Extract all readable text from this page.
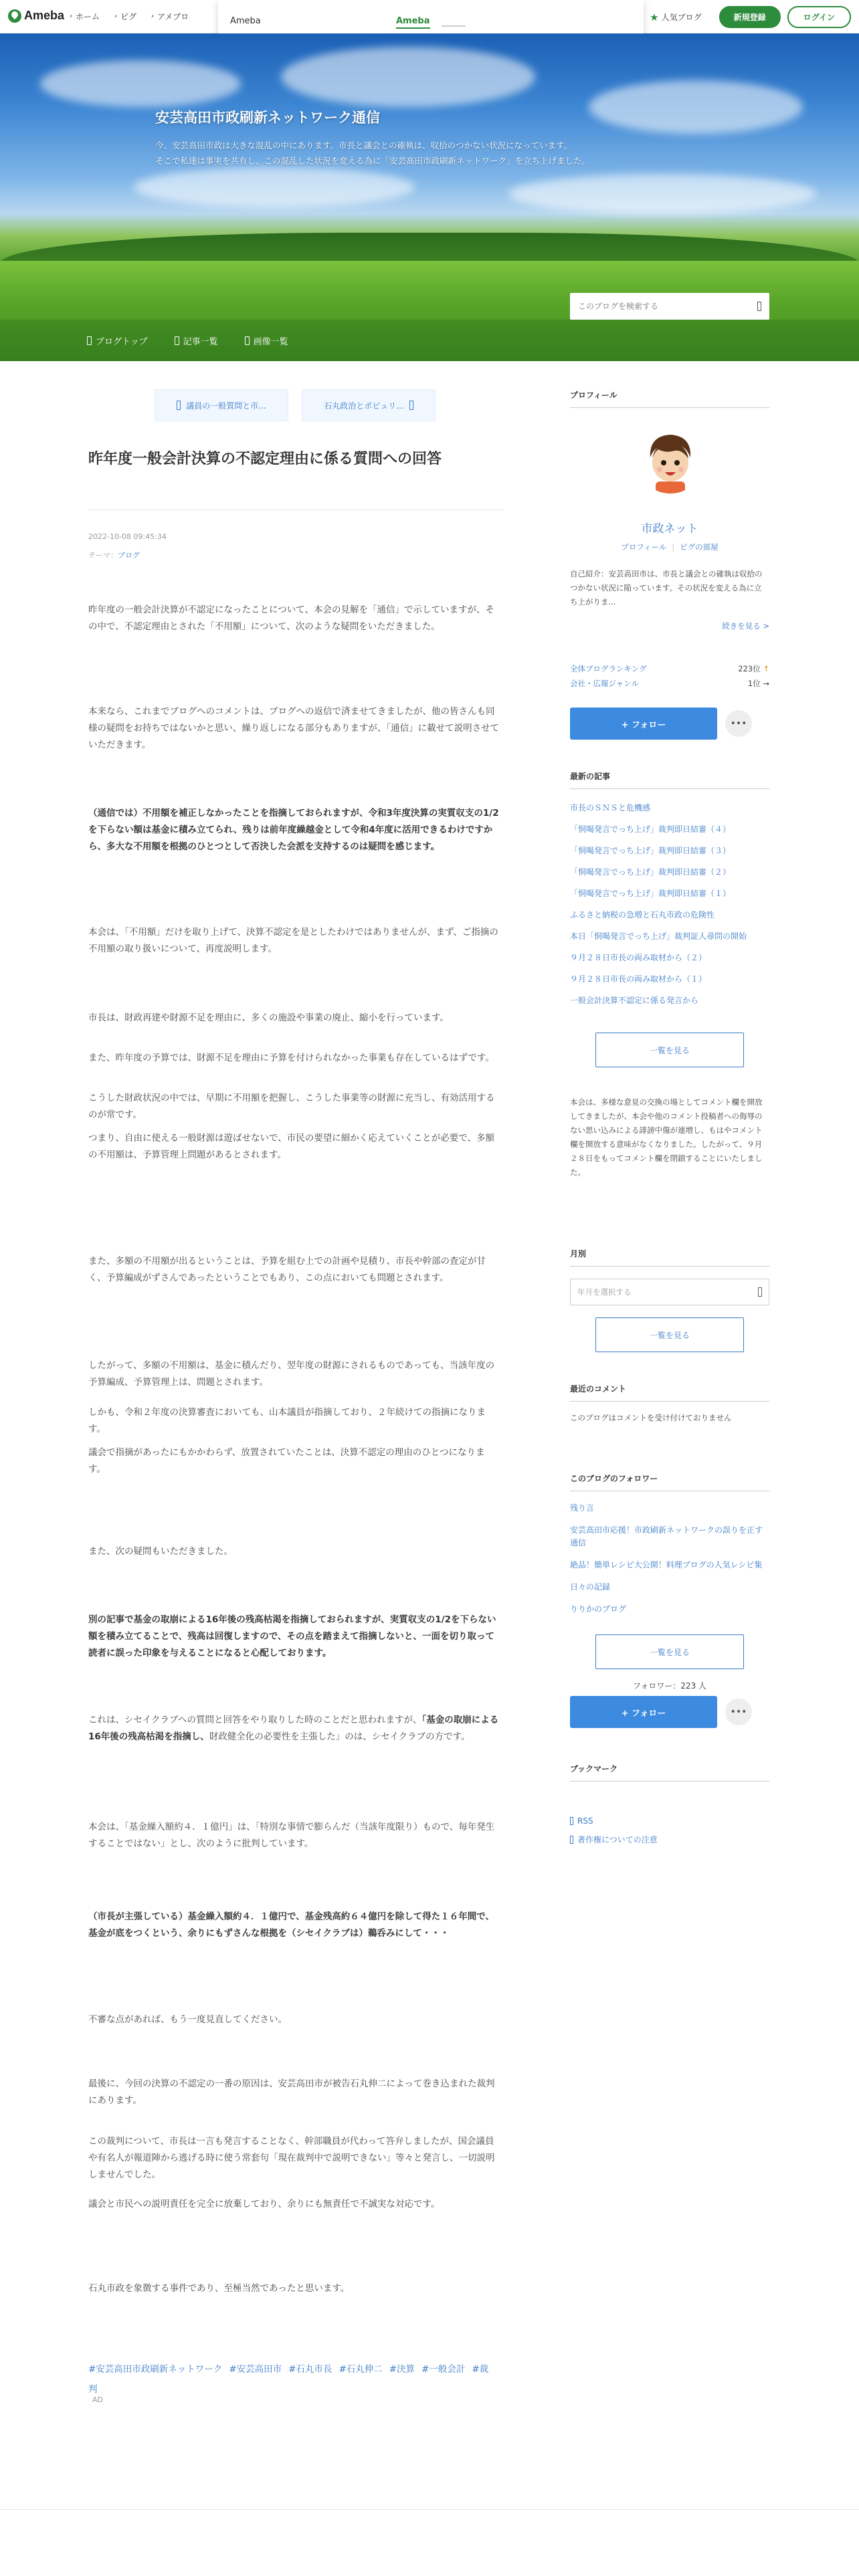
Ameba › ホーム › ピグ › アメブロ	★ 人気ブログ	新規登録	ログイン
Ameba	Ameba
安芸高田市政刷新ネットワーク通信
今、安芸高田市政は大きな混乱の中にあります。市長と議会との確執は、収拾のつかない状況になっています。
そこで私達は事実を共有し、この混乱した状況を変える為に「安芸高田市政刷新ネットワーク」を立ち上げました。
ブログトップ	記事一覧	画像一覧
このブログを検索する
議員の一般質問と市...	石丸政治とポピュリ...
昨年度一般会計決算の不認定理由に係る質問への回答
2022-10-08 09:45:34
テーマ：ブログ

昨年度の一般会計決算が不認定になったことについて、本会の見解を「通信」で示していますが、その中で、不認定理由とされた「不用額」について、次のような疑問をいただきました。

本来なら、これまでブログへのコメントは、ブログへの返信で済ませてきましたが、他の皆さんも同様の疑問をお持ちではないかと思い、繰り返しになる部分もありますが、「通信」に載せて説明させていただきます。

（通信では）不用額を補正しなかったことを指摘しておられますが、令和3年度決算の実質収支の1/2を下らない額は基金に積み立てられ、残りは前年度繰越金として令和4年度に活用できるわけですから、多大な不用額を根拠のひとつとして否決した会派を支持するのは疑問を感じます。

本会は、「不用額」だけを取り上げて、決算不認定を是としたわけではありませんが、まず、ご指摘の不用額の取り扱いについて、再度説明します。

市長は、財政再建や財源不足を理由に、多くの施設や事業の廃止、縮小を行っています。

また、昨年度の予算では、財源不足を理由に予算を付けられなかった事業も存在しているはずです。

こうした財政状況の中では、早期に不用額を把握し、こうした事業等の財源に充当し、有効活用するのが常です。

つまり、自由に使える一般財源は遊ばせないで、市民の要望に細かく応えていくことが必要で、多額の不用額は、予算管理上問題があるとされます。

また、多額の不用額が出るということは、予算を組む上での計画や見積り、市長や幹部の査定が甘く、予算編成がずさんであったということでもあり、この点においても問題とされます。

したがって、多額の不用額は、基金に積んだり、翌年度の財源にされるものであっても、当該年度の予算編成、予算管理上は、問題とされます。

しかも、令和２年度の決算審査においても、山本議員が指摘しており、２年続けての指摘になります。

議会で指摘があったにもかかわらず、放置されていたことは、決算不認定の理由のひとつになります。

また、次の疑問もいただきました。

別の記事で基金の取崩による16年後の残高枯渇を指摘しておられますが、実質収支の1/2を下らない額を積み立てることで、残高は回復しますので、その点を踏まえて指摘しないと、一面を切り取って読者に誤った印象を与えることになると心配しております。

これは、シセイクラブへの質問と回答をやり取りした時のことだと思われますが、「基金の取崩による16年後の残高枯渇を指摘し、財政健全化の必要性を主張した」のは、シセイクラブの方です。

本会は、「基金繰入額約４．１億円」は、「特別な事情で膨らんだ（当該年度限り）もので、毎年発生することではない」とし、次のように批判しています。

（市長が主張している）基金繰入額約４．１億円で、基金残高約６４億円を除して得た１６年間で、基金が底をつくという、余りにもずさんな根拠を（シセイクラブは）鵜呑みにして・・・

不審な点があれば、もう一度見直してください。

最後に、今回の決算の不認定の一番の原因は、安芸高田市が被告石丸伸二によって巻き込まれた裁判にあります。

この裁判について、市長は一言も発言することなく、幹部職員が代わって答弁しましたが、国会議員や有名人が報道陣から逃げる時に使う常套句「現在裁判中で説明できない」等々と発言し、一切説明しませんでした。

議会と市民への説明責任を完全に放棄しており、余りにも無責任で不誠実な対応です。

石丸市政を象徴する事件であり、至極当然であったと思います。

#安芸高田市政刷新ネットワーク #安芸高田市 #石丸市長 #石丸伸二 #決算 #一般会計 #裁判
AD
プロフィール
市政ネット
プロフィール | ピグの部屋
自己紹介：安芸高田市は、市長と議会との確執は収拾のつかない状況に陥っています。その状況を変える為に立ち上がりま...
続きを見る >
全体ブログランキング	223位 ↑
会社・広報ジャンル	1位 →
+ フォロー	•••
最新の記事
市長のＳＮＳと危機感
「恫喝発言でっち上げ」裁判即日結審（４）
「恫喝発言でっち上げ」裁判即日結審（３）
「恫喝発言でっち上げ」裁判即日結審（２）
「恫喝発言でっち上げ」裁判即日結審（１）
ふるさと納税の急増と石丸市政の危険性
本日「恫喝発言でっち上げ」裁判証人尋問の開始
９月２８日市長の両み取材から（２）
９月２８日市長の両み取材から（１）
一般会計決算不認定に係る発言から
一覧を見る
本会は、多様な意見の交換の場としてコメント欄を開放してきましたが、本会や他のコメント投稿者への侮辱のない思い込みによる誹謗中傷が連増し、もはやコメント欄を開放する意味がなくなりました。したがって、９月２８日をもってコメント欄を閉鎖することにいたしました。
月別
年月を選択する
一覧を見る
最近のコメント
このブログはコメントを受け付けておりません
このブログのフォロワー
残り言
安芸高田市応援！市政刷新ネットワークの誤りを正す通信
絶品！簡単レシピ大公開！料理ブログの人気レシピ集
日々の記録
りりかのブログ
一覧を見る
フォロワー：223 人
+ フォロー	•••
ブックマーク
RSS
著作権についての注意
